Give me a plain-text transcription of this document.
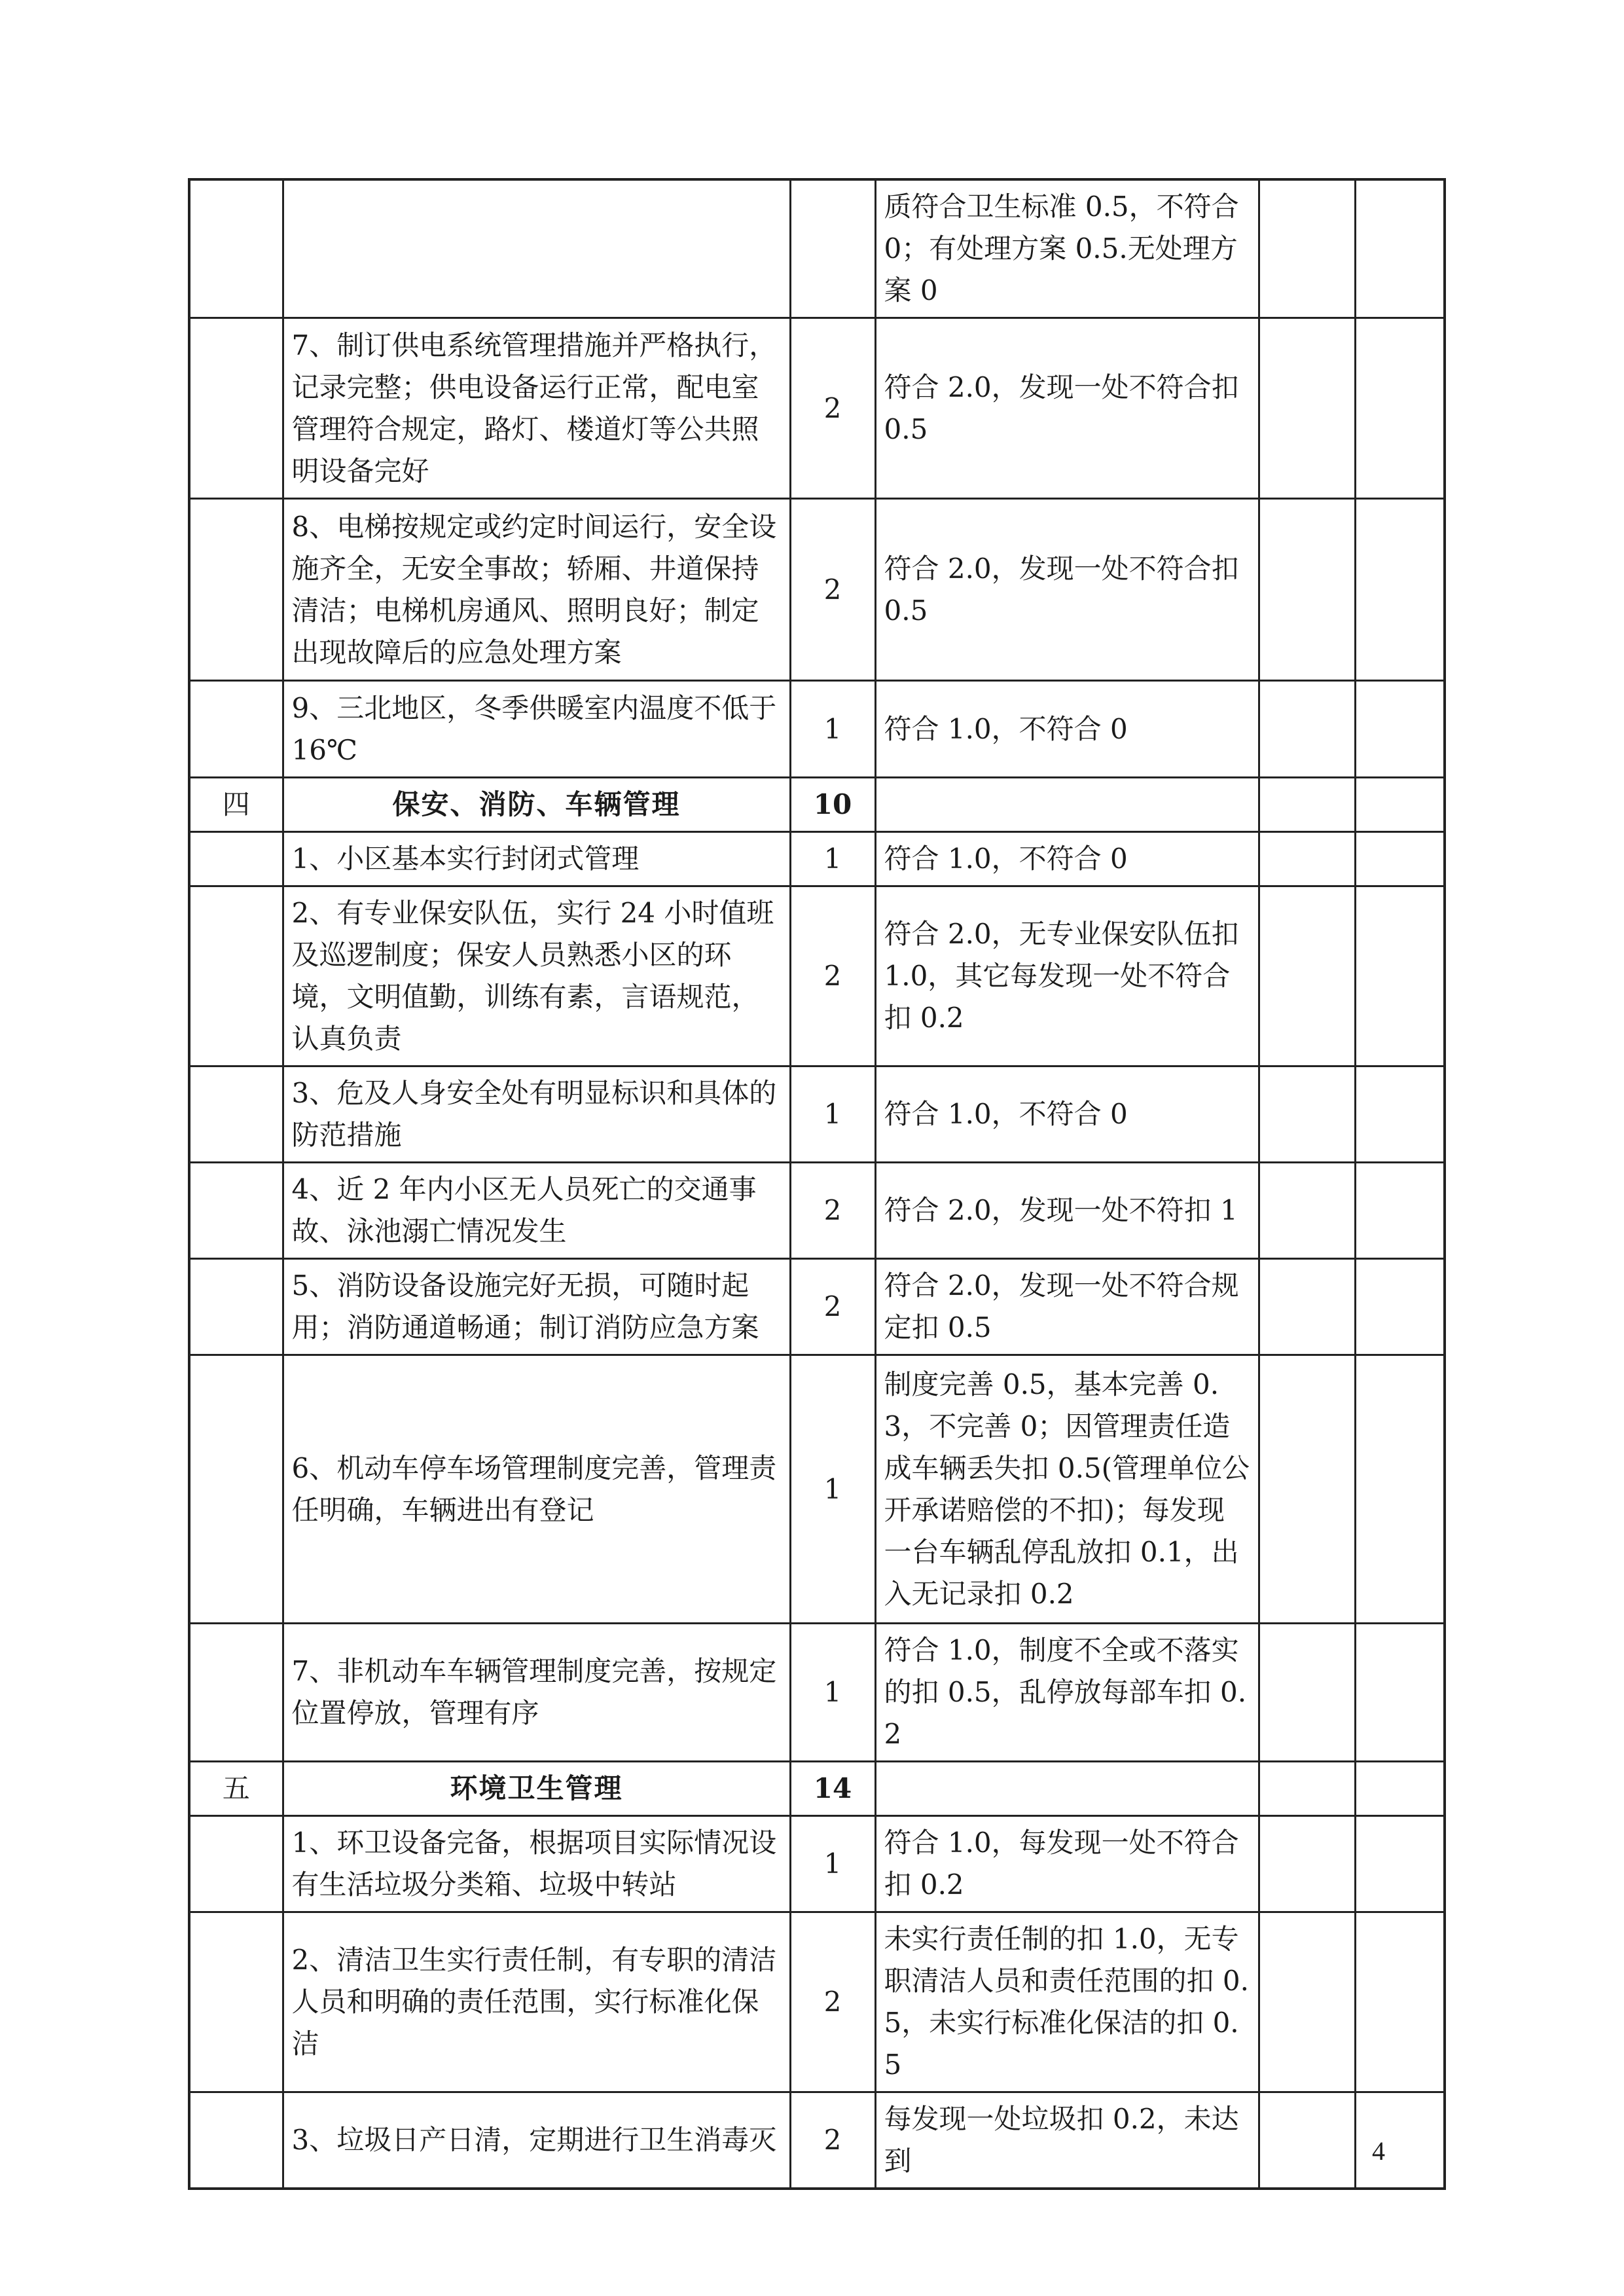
			质符合卫生标准 0.5，不符合 0；有处理方案 0.5.无处理方案 0		
	7、制订供电系统管理措施并严格执行，记录完整；供电设备运行正常，配电室管理符合规定，路灯、楼道灯等公共照明设备完好	2	符合 2.0，发现一处不符合扣 0.5		
	8、电梯按规定或约定时间运行，安全设施齐全，无安全事故；轿厢、井道保持清洁；电梯机房通风、照明良好；制定出现故障后的应急处理方案	2	符合 2.0，发现一处不符合扣 0.5		
	9、三北地区，冬季供暖室内温度不低于 16℃	1	符合 1.0，不符合 0		
四	保安、消防、车辆管理	10			
	1、小区基本实行封闭式管理	1	符合 1.0，不符合 0		
	2、有专业保安队伍，实行 24 小时值班及巡逻制度；保安人员熟悉小区的环境，文明值勤，训练有素，言语规范，认真负责	2	符合 2.0，无专业保安队伍扣 1.0，其它每发现一处不符合扣 0.2		
	3、危及人身安全处有明显标识和具体的防范措施	1	符合 1.0，不符合 0		
	4、近 2 年内小区无人员死亡的交通事故、泳池溺亡情况发生	2	符合 2.0，发现一处不符扣 1		
	5、消防设备设施完好无损，可随时起用；消防通道畅通；制订消防应急方案	2	符合 2.0，发现一处不符合规定扣 0.5		
	6、机动车停车场管理制度完善，管理责任明确，车辆进出有登记	1	制度完善 0.5，基本完善 0.3，不完善 0；因管理责任造成车辆丢失扣 0.5(管理单位公开承诺赔偿的不扣)；每发现一台车辆乱停乱放扣 0.1，出入无记录扣 0.2		
	7、非机动车车辆管理制度完善，按规定位置停放，管理有序	1	符合 1.0，制度不全或不落实的扣 0.5，乱停放每部车扣 0.2		
五	环境卫生管理	14			
	1、环卫设备完备，根据项目实际情况设有生活垃圾分类箱、垃圾中转站	1	符合 1.0，每发现一处不符合扣 0.2		
	2、清洁卫生实行责任制，有专职的清洁人员和明确的责任范围，实行标准化保洁	2	未实行责任制的扣 1.0，无专职清洁人员和责任范围的扣 0.5，未实行标准化保洁的扣 0.5		
	3、垃圾日产日清，定期进行卫生消毒灭	2	每发现一处垃圾扣 0.2，未达到			4
